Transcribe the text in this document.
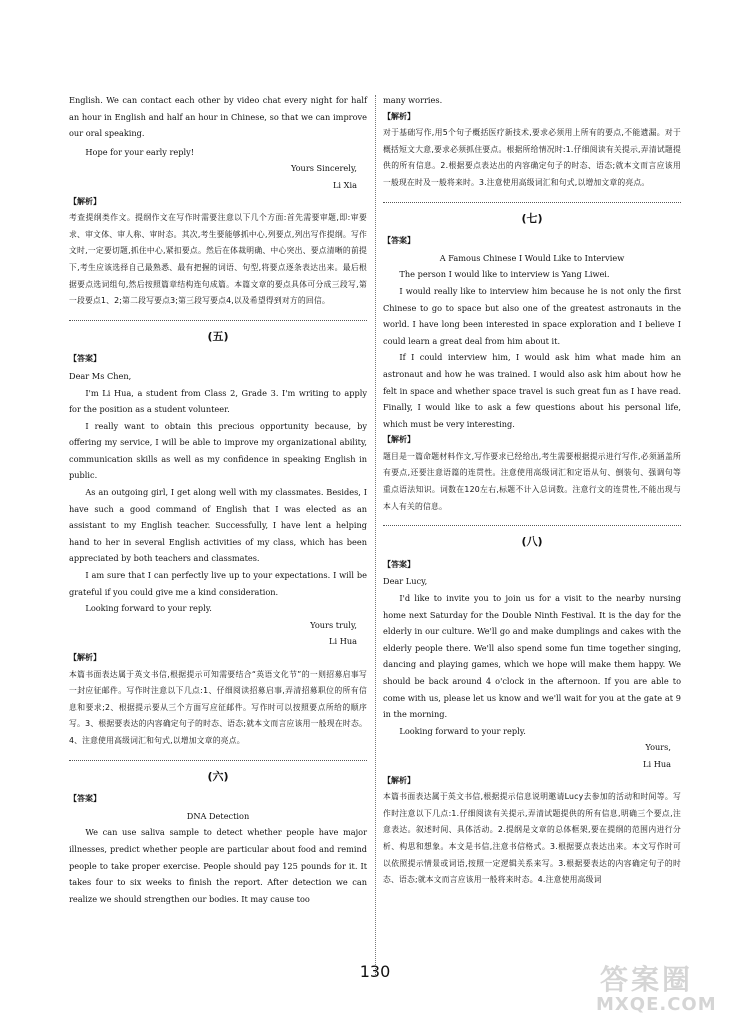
English. We can contact each other by video chat every night for half an hour in English and half an hour in Chinese, so that we can improve our oral speaking.

Hope for your early reply!

Yours Sincerely,

Li Xia

【解析】

考查提纲类作文。提纲作文在写作时需要注意以下几个方面:首先需要审题,即:审要求、审文体、审人称、审时态。其次,考生要能够抓中心,列要点,列出写作提纲。写作文时,一定要切题,抓住中心,紧扣要点。然后在体裁明确、中心突出、要点清晰的前提下,考生应该选择自己最熟悉、最有把握的词语、句型,将要点逐条表达出来。最后根据要点选词组句,然后按照篇章结构连句成篇。本篇文章的要点具体可分成三段写,第一段要点1、2;第二段写要点3;第三段写要点4,以及希望得到对方的回信。

(五)

【答案】

Dear Ms Chen,

I'm Li Hua, a student from Class 2, Grade 3. I'm writing to apply for the position as a student volunteer.

I really want to obtain this precious opportunity because, by offering my service, I will be able to improve my organizational ability, communication skills as well as my confidence in speaking English in public.

As an outgoing girl, I get along well with my classmates. Besides, I have such a good command of English that I was elected as an assistant to my English teacher. Successfully, I have lent a helping hand to her in several English activities of my class, which has been appreciated by both teachers and classmates.

I am sure that I can perfectly live up to your expectations. I will be grateful if you could give me a kind consideration.

Looking forward to your reply.

Yours truly,

Li Hua

【解析】

本篇书面表达属于英文书信,根据提示可知需要结合“英语文化节”的一则招募启事写一封应征邮件。写作时注意以下几点:1、仔细阅读招募启事,弄清招募职位的所有信息和要求;2、根据提示要从三个方面写应征邮件。写作时可以按照要点所给的顺序写。3、根据要表达的内容确定句子的时态、语态;就本文而言应该用一般现在时态。4、注意使用高级词汇和句式,以增加文章的亮点。

(六)

【答案】

DNA Detection

We can use saliva sample to detect whether people have major illnesses, predict whether people are particular about food and remind people to take proper exercise. People should pay 125 pounds for it. It takes four to six weeks to finish the report. After detection we can realize we should strengthen our bodies. It may cause too

many worries.

【解析】

对于基础写作,用5个句子概括医疗新技术,要求必须用上所有的要点,不能遗漏。对于概括短文大意,要求必须抓住要点。根据所给情况时:1.仔细阅读有关提示,弄清试题提供的所有信息。2.根据要点表达出的内容确定句子的时态、语态;就本文而言应该用一般现在时及一般将来时。3.注意使用高级词汇和句式,以增加文章的亮点。

(七)

【答案】

A Famous Chinese I Would Like to Interview

The person I would like to interview is Yang Liwei.

I would really like to interview him because he is not only the first Chinese to go to space but also one of the greatest astronauts in the world. I have long been interested in space exploration and I believe I could learn a great deal from him about it.

If I could interview him, I would ask him what made him an astronaut and how he was trained. I would also ask him about how he felt in space and whether space travel is such great fun as I have read. Finally, I would like to ask a few questions about his personal life, which must be very interesting.

【解析】

题目是一篇命题材料作文,写作要求已经给出,考生需要根据提示进行写作,必须涵盖所有要点,还要注意语篇的连贯性。注意使用高级词汇和定语从句、倒装句、强调句等重点语法知识。词数在120左右,标题不计入总词数。注意行文的连贯性,不能出现与本人有关的信息。

(八)

【答案】

Dear Lucy,

I'd like to invite you to join us for a visit to the nearby nursing home next Saturday for the Double Ninth Festival. It is the day for the elderly in our culture. We'll go and make dumplings and cakes with the elderly people there. We'll also spend some fun time together singing, dancing and playing games, which we hope will make them happy. We should be back around 4 o'clock in the afternoon. If you are able to come with us, please let us know and we'll wait for you at the gate at 9 in the morning.

Looking forward to your reply.

Yours,

Li Hua

【解析】

本篇书面表达属于英文书信,根据提示信息说明邀请Lucy去参加的活动和时间等。写作时注意以下几点:1.仔细阅读有关提示,弄清试题提供的所有信息,明确三个要点,注意表达。叙述时间、具体活动。2.提纲是文章的总体框架,要在提纲的范围内进行分析、构思和想象。本文是书信,注意书信格式。3.根据要点表达出来。本文写作时可以依照提示情景或词语,按照一定逻辑关系来写。3.根据要表达的内容确定句子的时态、语态;就本文而言应该用一般将来时态。4.注意使用高级词

130	答案圈
MXQE.COM
